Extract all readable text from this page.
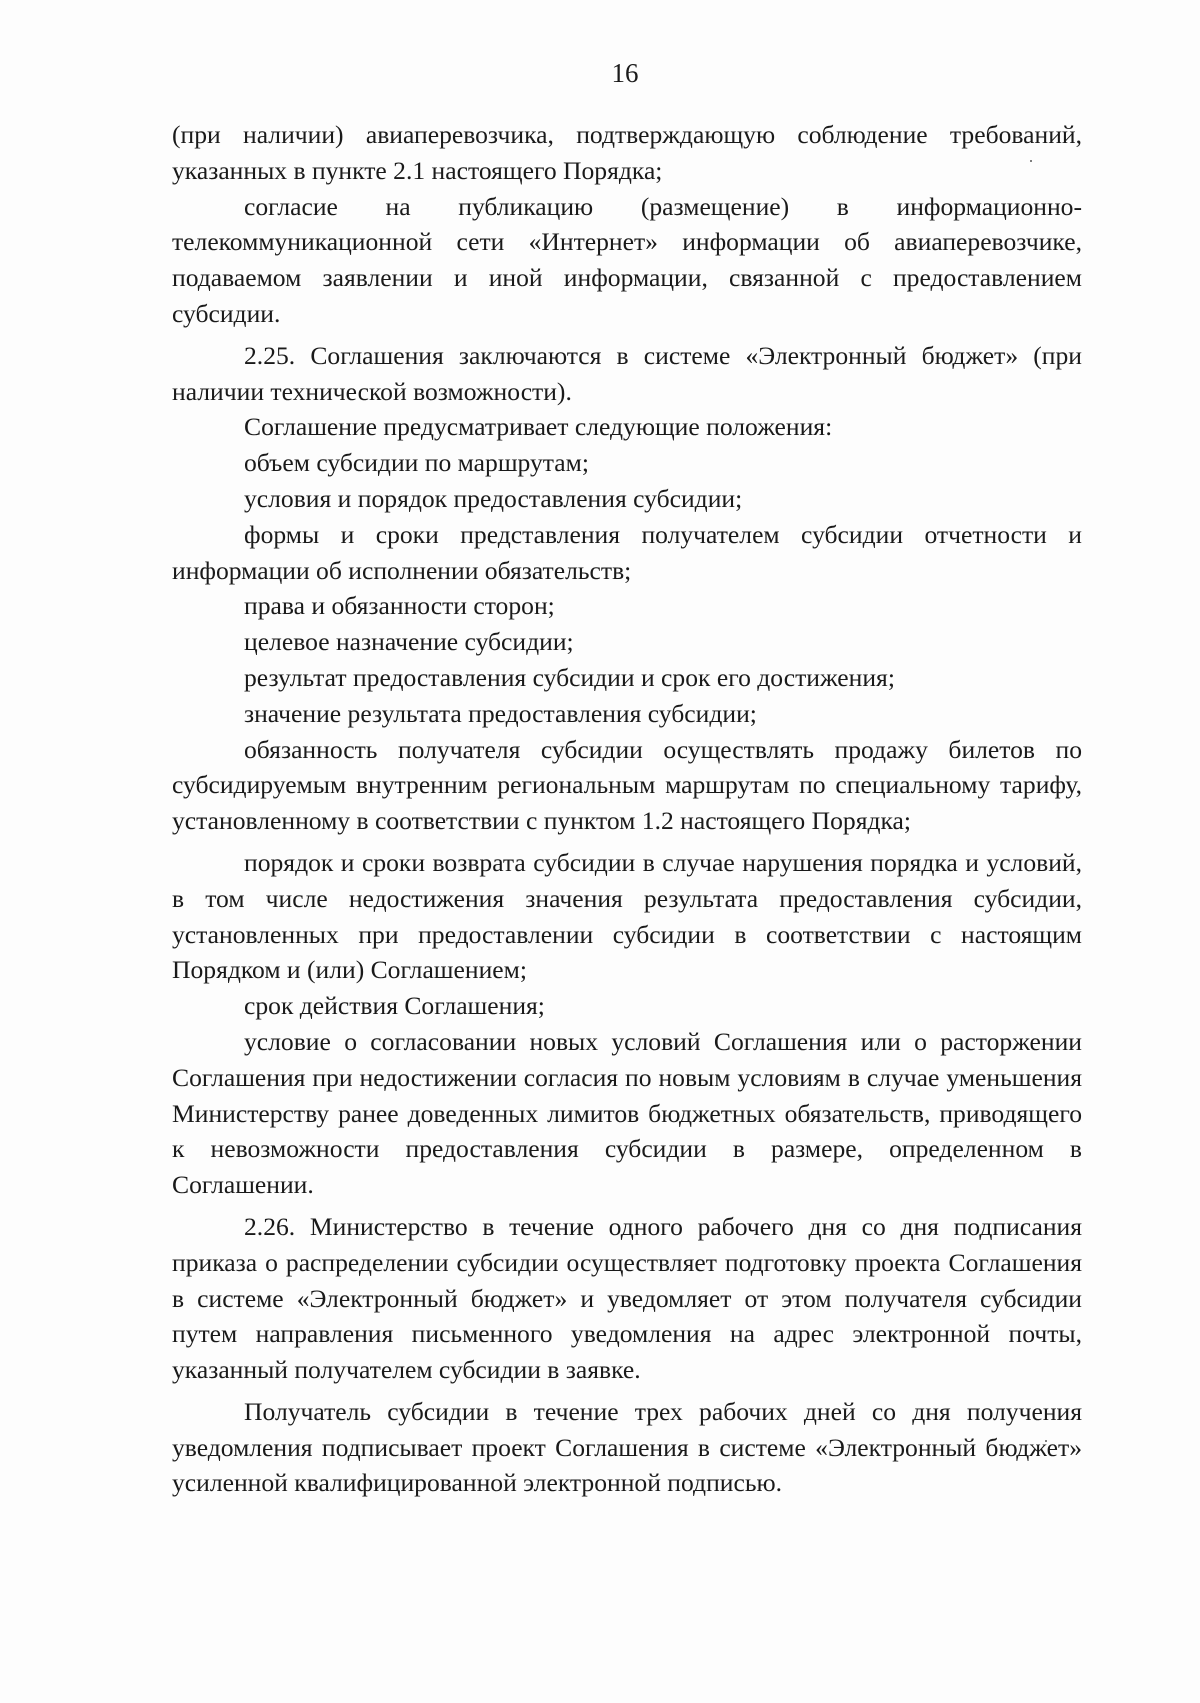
16

(при наличии) авиаперевозчика, подтверждающую соблюдение требований, указанных в пункте 2.1 настоящего Порядка;

согласие на публикацию (размещение) в информационно-телекоммуникационной сети «Интернет» информации об авиаперевозчике, подаваемом заявлении и иной информации, связанной с предоставлением субсидии.

2.25. Соглашения заключаются в системе «Электронный бюджет» (при наличии технической возможности).

Соглашение предусматривает следующие положения:

объем субсидии по маршрутам;

условия и порядок предоставления субсидии;

формы и сроки представления получателем субсидии отчетности и информации об исполнении обязательств;

права и обязанности сторон;

целевое назначение субсидии;

результат предоставления субсидии и срок его достижения;

значение результата предоставления субсидии;

обязанность получателя субсидии осуществлять продажу билетов по субсидируемым внутренним региональным маршрутам по специальному тарифу, установленному в соответствии с пунктом 1.2 настоящего Порядка;

порядок и сроки возврата субсидии в случае нарушения порядка и условий, в том числе недостижения значения результата предоставления субсидии, установленных при предоставлении субсидии в соответствии с настоящим Порядком и (или) Соглашением;

срок действия Соглашения;

условие о согласовании новых условий Соглашения или о расторжении Соглашения при недостижении согласия по новым условиям в случае уменьшения Министерству ранее доведенных лимитов бюджетных обязательств, приводящего к невозможности предоставления субсидии в размере, определенном в Соглашении.

2.26. Министерство в течение одного рабочего дня со дня подписания приказа о распределении субсидии осуществляет подготовку проекта Соглашения в системе «Электронный бюджет» и уведомляет от этом получателя субсидии путем направления письменного уведомления на адрес электронной почты, указанный получателем субсидии в заявке.

Получатель субсидии в течение трех рабочих дней со дня получения уведомления подписывает проект Соглашения в системе «Электронный бюджет» усиленной квалифицированной электронной подписью.
